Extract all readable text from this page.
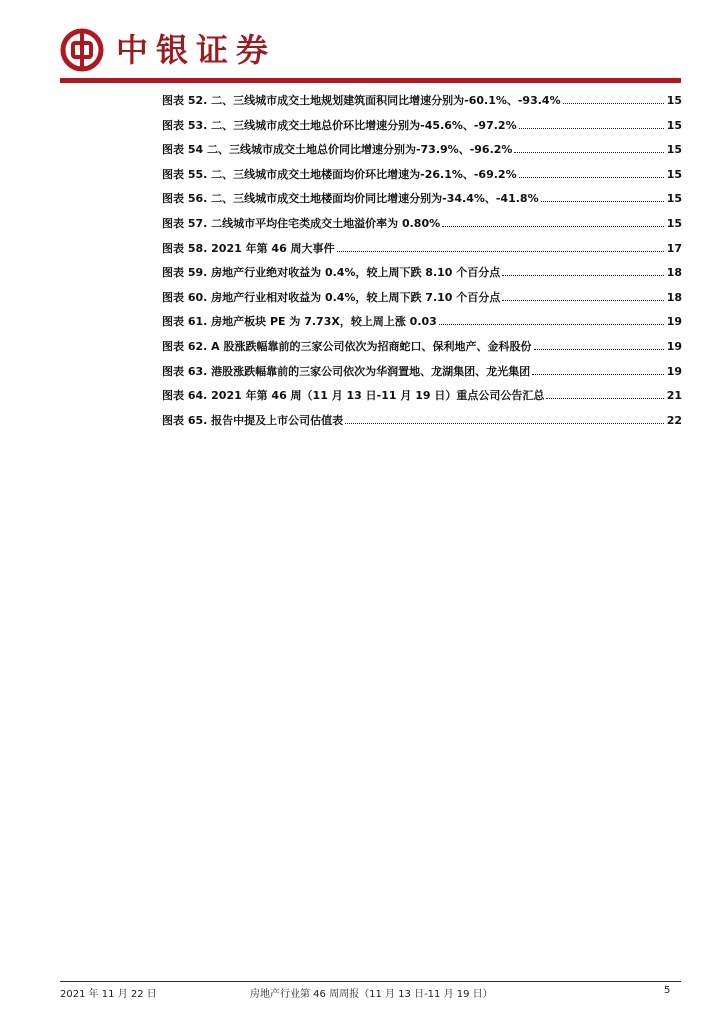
中银证券
图表 52. 二、三线城市成交土地规划建筑面积同比增速分别为-60.1%、-93.4%	15
图表 53. 二、三线城市成交土地总价环比增速分别为-45.6%、-97.2%	15
图表 54 二、三线城市成交土地总价同比增速分别为-73.9%、-96.2%	15
图表 55. 二、三线城市成交土地楼面均价环比增速为-26.1%、-69.2%	15
图表 56. 二、三线城市成交土地楼面均价同比增速分别为-34.4%、-41.8%	15
图表 57. 二线城市平均住宅类成交土地溢价率为 0.80%	15
图表 58. 2021 年第 46 周大事件	17
图表 59. 房地产行业绝对收益为 0.4%，较上周下跌 8.10 个百分点	18
图表 60. 房地产行业相对收益为 0.4%，较上周下跌 7.10 个百分点	18
图表 61. 房地产板块 PE 为 7.73X，较上周上涨 0.03	19
图表 62. A 股涨跌幅靠前的三家公司依次为招商蛇口、保利地产、金科股份	19
图表 63. 港股涨跌幅靠前的三家公司依次为华润置地、龙湖集团、龙光集团	19
图表 64. 2021 年第 46 周（11 月 13 日-11 月 19 日）重点公司公告汇总	21
图表 65. 报告中提及上市公司估值表	22
2021 年 11 月 22 日	房地产行业第 46 周周报（11 月 13 日-11 月 19 日）	5
